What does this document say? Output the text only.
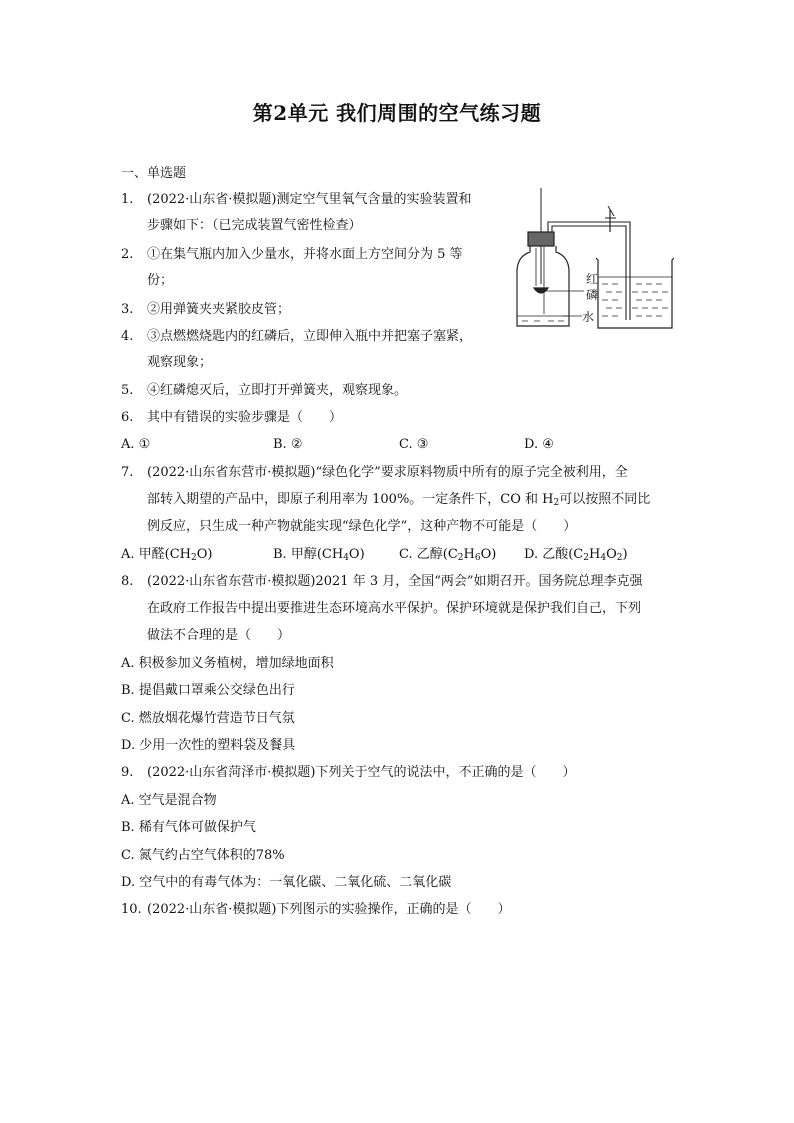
第2单元 我们周围的空气练习题
一、单选题
1. (2022·山东省·模拟题)测定空气里氧气含量的实验装置和
步骤如下：（已完成装置气密性检查）
2. ①在集气瓶内加入少量水，并将水面上方空间分为 5 等
份；
3. ②用弹簧夹夹紧胶皮管；
4. ③点燃燃烧匙内的红磷后，立即伸入瓶中并把塞子塞紧，
观察现象；
5. ④红磷熄灭后，立即打开弹簧夹，观察现象。
6. 其中有错误的实验步骤是（　　）
A. ①	B. ②	C. ③	D. ④
7. (2022·山东省东营市·模拟题)“绿色化学”要求原料物质中所有的原子完全被利用，全
部转入期望的产品中，即原子利用率为 100%。一定条件下，CO 和 $H_2$可以按照不同比
例反应，只生成一种产物就能实现“绿色化学”，这种产物不可能是（　　）
A. 甲醛$(CH_2O)$	B. 甲醇$(CH_4O)$	C. 乙醇$(C_2H_6O)$ D. 乙酸$(C_2H_4O_2)$
8. (2022·山东省东营市·模拟题)2021 年 3 月，全国“两会”如期召开。国务院总理李克强
在政府工作报告中提出要推进生态环境高水平保护。保护环境就是保护我们自己，下列
做法不合理的是（　　）
A. 积极参加义务植树，增加绿地面积
B. 提倡戴口罩乘公交绿色出行
C. 燃放烟花爆竹营造节日气氛
D. 少用一次性的塑料袋及餐具
9. (2022·山东省菏泽市·模拟题)下列关于空气的说法中，不正确的是（　　）
A. 空气是混合物
B. 稀有气体可做保护气
C. 氮气约占空气体积的78%
D. 空气中的有毒气体为：一氧化碳、二氧化硫、二氧化碳
10. (2022·山东省·模拟题)下列图示的实验操作，正确的是（　　）
红
磷
水
